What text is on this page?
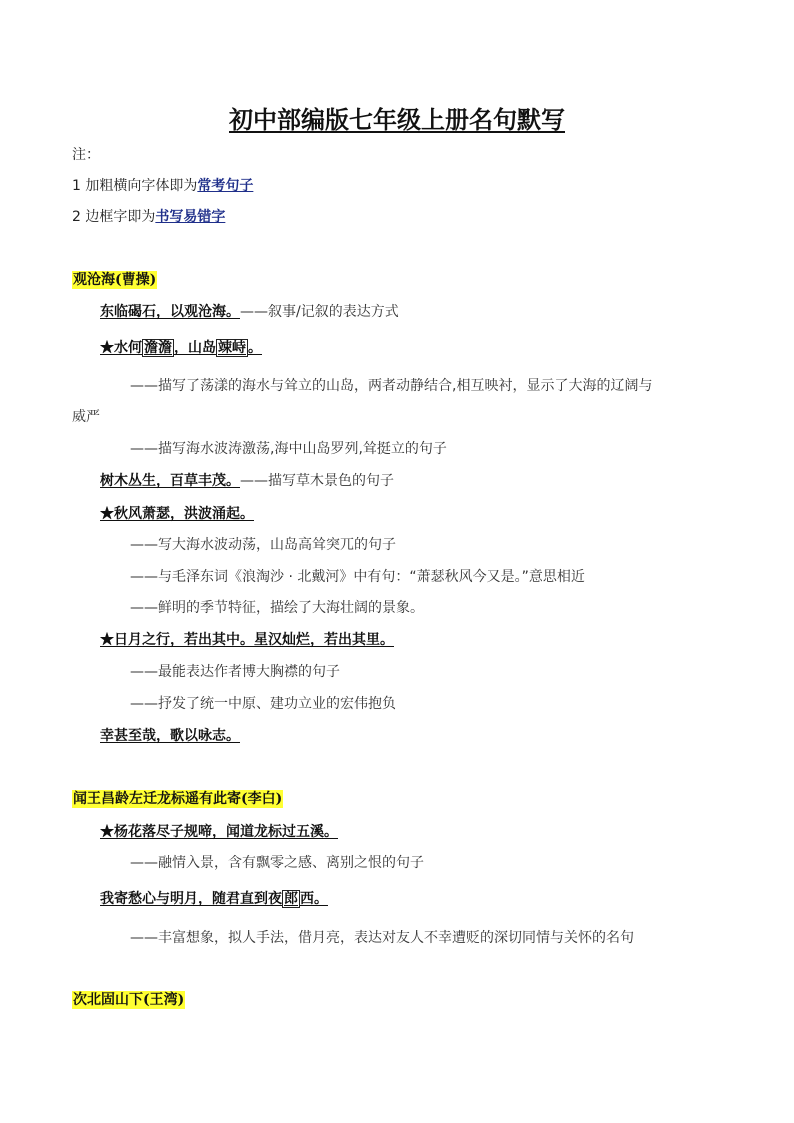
初中部编版七年级上册名句默写
注：
1 加粗横向字体即为常考句子
2 边框字即为书写易错字
观沧海(曹操)
东临碣石，以观沧海。——叙事/记叙的表达方式
★水何 澹澹 ，山岛 竦峙 。
——描写了荡漾的海水与耸立的山岛，两者动静结合,相互映衬，显示了大海的辽阔与
威严
——描写海水波涛激荡,海中山岛罗列,耸挺立的句子
树木丛生，百草丰茂。——描写草木景色的句子
★秋风萧瑟，洪波涌起。
——写大海水波动荡，山岛高耸突兀的句子
——与毛泽东词《浪淘沙 · 北戴河》中有句：“萧瑟秋风今又是。”意思相近
——鲜明的季节特征，描绘了大海壮阔的景象。
★日月之行，若出其中。星汉灿烂，若出其里。
——最能表达作者博大胸襟的句子
——抒发了统一中原、建功立业的宏伟抱负
幸甚至哉，歌以咏志。
闻王昌龄左迁龙标遥有此寄(李白)
★杨花落尽子规啼，闻道龙标过五溪。
——融情入景，含有飘零之感、离别之恨的句子
我寄愁心与明月，随君直到夜 郎 西。
——丰富想象，拟人手法，借月亮，表达对友人不幸遭贬的深切同情与关怀的名句
次北固山下(王湾)
